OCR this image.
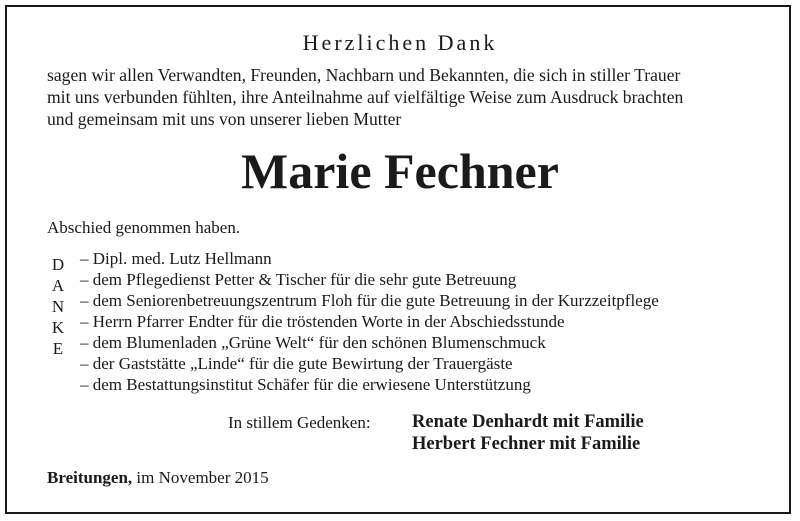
Herzlichen Dank
sagen wir allen Verwandten, Freunden, Nachbarn und Bekannten, die sich in stiller Trauer
mit uns verbunden fühlten, ihre Anteilnahme auf vielfältige Weise zum Ausdruck brachten
und gemeinsam mit uns von unserer lieben Mutter
Marie Fechner
Abschied genommen haben.
D
A
N
K
E
– Dipl. med. Lutz Hellmann
– dem Pflegedienst Petter & Tischer für die sehr gute Betreuung
– dem Seniorenbetreuungszentrum Floh für die gute Betreuung in der Kurzzeitpflege
– Herrn Pfarrer Endter für die tröstenden Worte in der Abschiedsstunde
– dem Blumenladen „Grüne Welt“ für den schönen Blumenschmuck
– der Gaststätte „Linde“ für die gute Bewirtung der Trauergäste
– dem Bestattungsinstitut Schäfer für die erwiesene Unterstützung
In stillem Gedenken: Renate Denhardt mit Familie
Herbert Fechner mit Familie
Breitungen, im November 2015
